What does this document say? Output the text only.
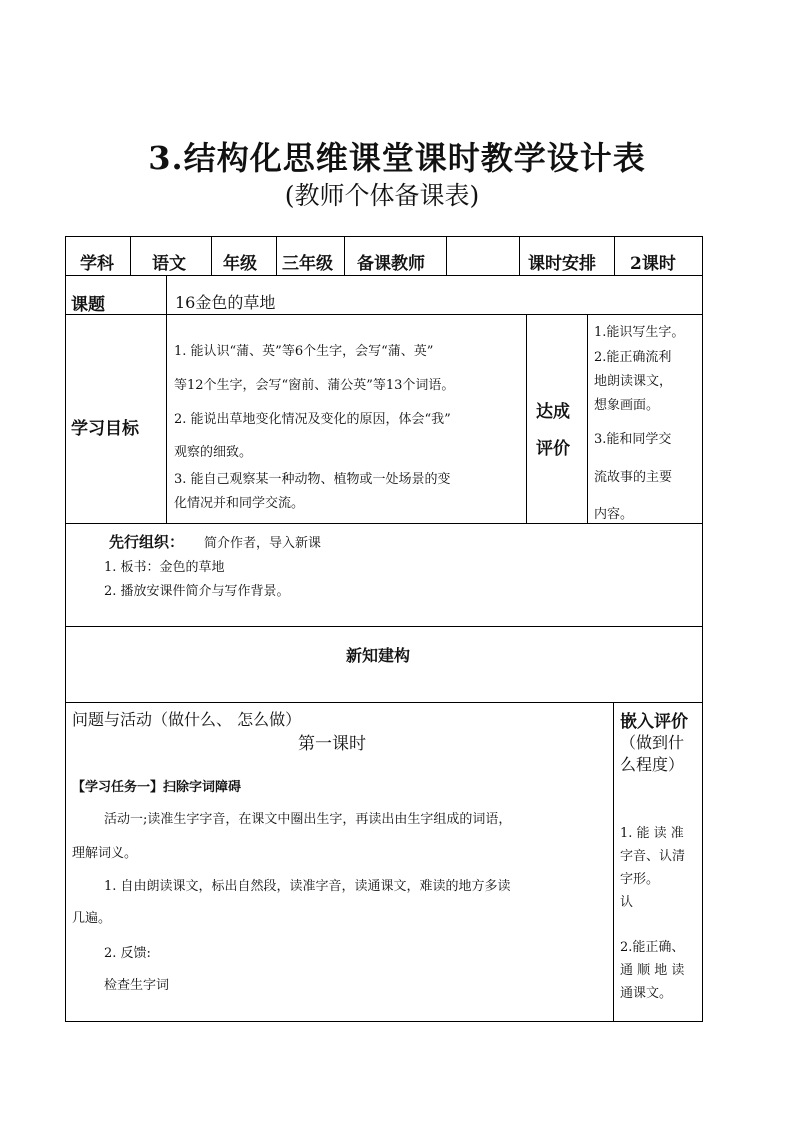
3.结构化思维课堂课时教学设计表
(教师个体备课表)
学科 语文 年级 三年级 备课教师	课时安排 2课时
课题	16金色的草地
学习目标
1. 能认识“蒲、英”等6个生字，会写“蒲、英”
等12个生字，会写“窗前、蒲公英”等13个词语。
2. 能说出草地变化情况及变化的原因，体会“我”
观察的细致。
3. 能自己观察某一种动物、植物或一处场景的变
化情况并和同学交流。
达成
评价
1.能识写生字。
2.能正确流利
地朗读课文，
想象画面。
3.能和同学交
流故事的主要
内容。
先行组织： 简介作者，导入新课
1. 板书：金色的草地
2. 播放安课件简介与写作背景。
新知建构
问题与活动（做什么、 怎么做）
第一课时
【学习任务一】扫除字词障碍
活动一;读准生字字音，在课文中圈出生字，再读出由生字组成的词语，
理解词义。
1. 自由朗读课文，标出自然段，读准字音，读通课文，难读的地方多读
几遍。
2. 反馈:
检查生字词
嵌入评价
（做到什
么程度）
1. 能 读 准
字音、认清
字形。
认
2.能正确、
通 顺 地 读
通课文。
